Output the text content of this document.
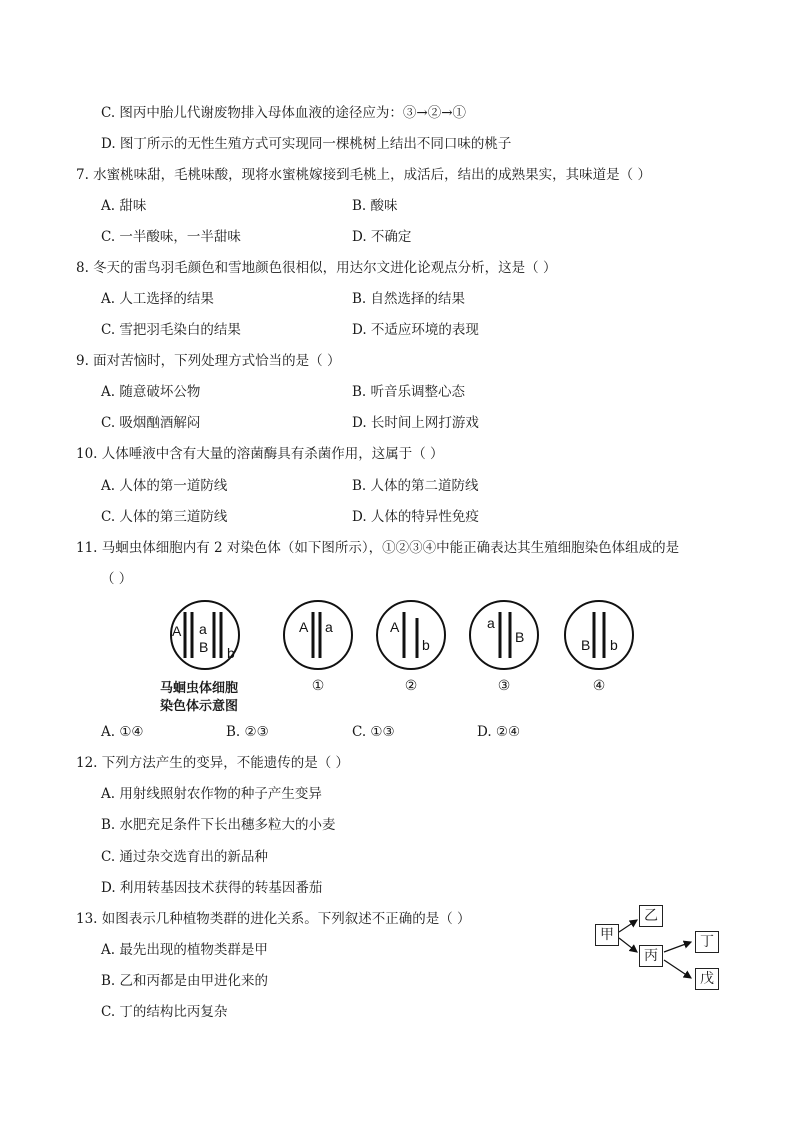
C. 图丙中胎儿代谢废物排入母体血液的途径应为：③→②→①
D. 图丁所示的无性生殖方式可实现同一棵桃树上结出不同口味的桃子
7. 水蜜桃味甜，毛桃味酸，现将水蜜桃嫁接到毛桃上，成活后，结出的成熟果实，其味道是（ ）
A. 甜味	B. 酸味
C. 一半酸味，一半甜味	D. 不确定
8. 冬天的雷鸟羽毛颜色和雪地颜色很相似，用达尔文进化论观点分析，这是（ ）
A. 人工选择的结果	B. 自然选择的结果
C. 雪把羽毛染白的结果	D. 不适应环境的表现
9. 面对苦恼时，下列处理方式恰当的是（ ）
A. 随意破坏公物	B. 听音乐调整心态
C. 吸烟酗酒解闷	D. 长时间上网打游戏
10. 人体唾液中含有大量的溶菌酶具有杀菌作用，这属于（ ）
A. 人体的第一道防线	B. 人体的第二道防线
C. 人体的第三道防线	D. 人体的特异性免疫
11. 马蛔虫体细胞内有 2 对染色体（如下图所示），①②③④中能正确表达其生殖细胞染色体组成的是
（ ）
A a
B b
A a	A
b
a
B	B b
马蛔虫体细胞
染色体示意图
①	②	③	④
A. ①④	B. ②③	C. ①③	D. ②④
12. 下列方法产生的变异，不能遗传的是（ ）
A. 用射线照射农作物的种子产生变异
B. 水肥充足条件下长出穗多粒大的小麦
C. 通过杂交选育出的新品种
D. 利用转基因技术获得的转基因番茄
13. 如图表示几种植物类群的进化关系。下列叙述不正确的是（ ）
A. 最先出现的植物类群是甲
B. 乙和丙都是由甲进化来的
C. 丁的结构比丙复杂
甲
乙
丙
丁
戊
